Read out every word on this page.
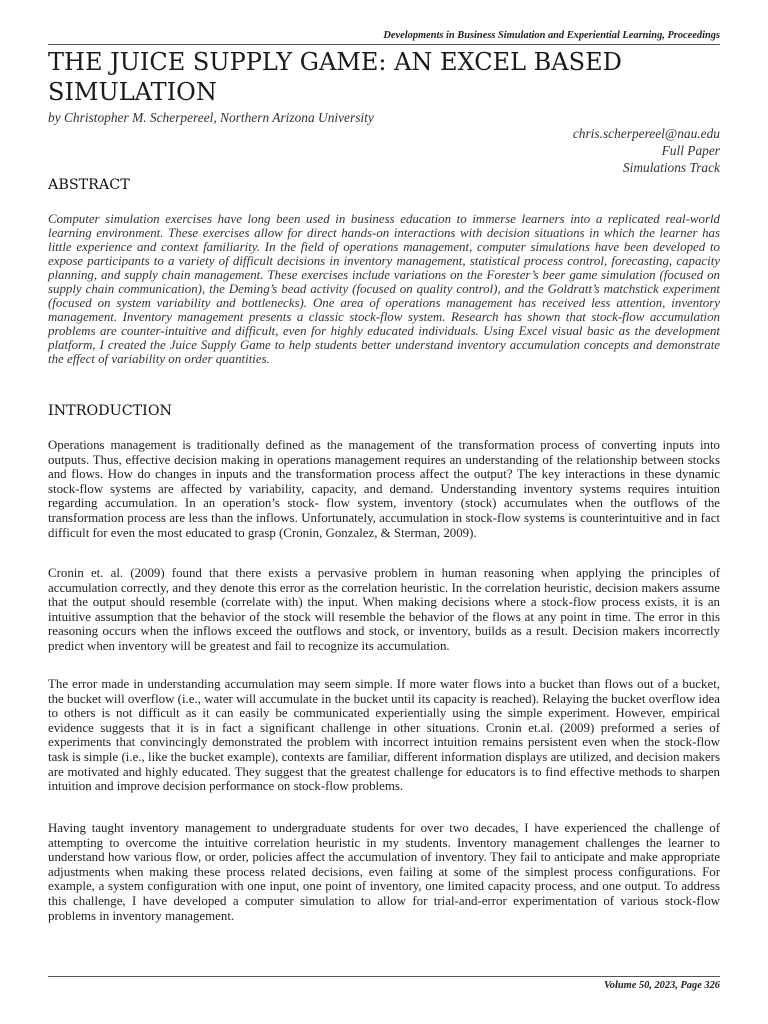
Developments in Business Simulation and Experiential Learning, Proceedings
THE JUICE SUPPLY GAME: AN EXCEL BASED SIMULATION
by Christopher M. Scherpereel, Northern Arizona University
chris.scherpereel@nau.edu
Full Paper
Simulations Track
ABSTRACT

Computer simulation exercises have long been used in business education to immerse learners into a replicated real-world learning environment. These exercises allow for direct hands-on interactions with decision situations in which the learner has little experience and context familiarity. In the field of operations management, computer simulations have been developed to expose participants to a variety of difficult decisions in inventory management, statistical process control, forecasting, capacity planning, and supply chain management. These exercises include variations on the Forester’s beer game simulation (focused on supply chain communication), the Deming’s bead activity (focused on quality control), and the Goldratt’s matchstick experiment (focused on system variability and bottlenecks). One area of operations management has received less attention, inventory management. Inventory management presents a classic stock-flow system. Research has shown that stock-flow accumulation problems are counter-intuitive and difficult, even for highly educated individuals. Using Excel visual basic as the development platform, I created the Juice Supply Game to help students better understand inventory accumulation concepts and demonstrate the effect of variability on order quantities.

INTRODUCTION

Operations management is traditionally defined as the management of the transformation process of converting inputs into outputs. Thus, effective decision making in operations management requires an understanding of the relationship between stocks and flows. How do changes in inputs and the transformation process affect the output? The key interactions in these dynamic stock-flow systems are affected by variability, capacity, and demand. Understanding inventory systems requires intuition regarding accumulation. In an operation’s stock- flow system, inventory (stock) accumulates when the outflows of the transformation process are less than the inflows. Unfortunately, accumulation in stock-flow systems is counterintuitive and in fact difficult for even the most educated to grasp (Cronin, Gonzalez, & Sterman, 2009).

Cronin et. al. (2009) found that there exists a pervasive problem in human reasoning when applying the principles of accumulation correctly, and they denote this error as the correlation heuristic. In the correlation heuristic, decision makers assume that the output should resemble (correlate with) the input. When making decisions where a stock-flow process exists, it is an intuitive assumption that the behavior of the stock will resemble the behavior of the flows at any point in time. The error in this reasoning occurs when the inflows exceed the outflows and stock, or inventory, builds as a result. Decision makers incorrectly predict when inventory will be greatest and fail to recognize its accumulation.

The error made in understanding accumulation may seem simple. If more water flows into a bucket than flows out of a bucket, the bucket will overflow (i.e., water will accumulate in the bucket until its capacity is reached). Relaying the bucket overflow idea to others is not difficult as it can easily be communicated experientially using the simple experiment. However, empirical evidence suggests that it is in fact a significant challenge in other situations. Cronin et.al. (2009) preformed a series of experiments that convincingly demonstrated the problem with incorrect intuition remains persistent even when the stock-flow task is simple (i.e., like the bucket example), contexts are familiar, different information displays are utilized, and decision makers are motivated and highly educated. They suggest that the greatest challenge for educators is to find effective methods to sharpen intuition and improve decision performance on stock-flow problems.

Having taught inventory management to undergraduate students for over two decades, I have experienced the challenge of attempting to overcome the intuitive correlation heuristic in my students. Inventory management challenges the learner to understand how various flow, or order, policies affect the accumulation of inventory. They fail to anticipate and make appropriate adjustments when making these process related decisions, even failing at some of the simplest process configurations. For example, a system configuration with one input, one point of inventory, one limited capacity process, and one output. To address this challenge, I have developed a computer simulation to allow for trial-and-error experimentation of various stock-flow problems in inventory management.

Volume 50, 2023, Page 326
